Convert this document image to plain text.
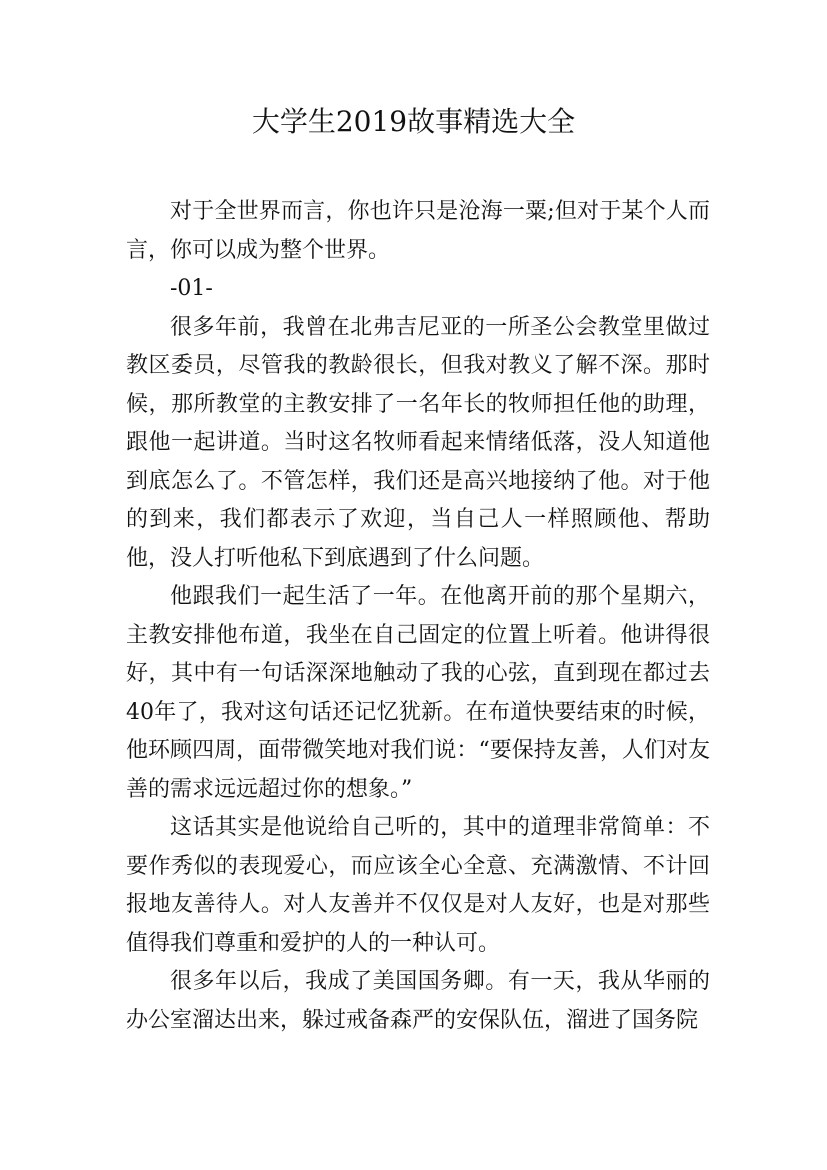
大学生2019故事精选大全

对于全世界而言，你也许只是沧海一粟;但对于某个人而言，你可以成为整个世界。

-01-

很多年前，我曾在北弗吉尼亚的一所圣公会教堂里做过教区委员，尽管我的教龄很长，但我对教义了解不深。那时候，那所教堂的主教安排了一名年长的牧师担任他的助理，跟他一起讲道。当时这名牧师看起来情绪低落，没人知道他到底怎么了。不管怎样，我们还是高兴地接纳了他。对于他的到来，我们都表示了欢迎，当自己人一样照顾他、帮助他，没人打听他私下到底遇到了什么问题。

他跟我们一起生活了一年。在他离开前的那个星期六，主教安排他布道，我坐在自己固定的位置上听着。他讲得很好，其中有一句话深深地触动了我的心弦，直到现在都过去40年了，我对这句话还记忆犹新。在布道快要结束的时候，他环顾四周，面带微笑地对我们说：“要保持友善，人们对友善的需求远远超过你的想象。”

这话其实是他说给自己听的，其中的道理非常简单：不要作秀似的表现爱心，而应该全心全意、充满激情、不计回报地友善待人。对人友善并不仅仅是对人友好，也是对那些值得我们尊重和爱护的人的一种认可。

很多年以后，我成了美国国务卿。有一天，我从华丽的办公室溜达出来，躲过戒备森严的安保队伍，溜进了国务院
